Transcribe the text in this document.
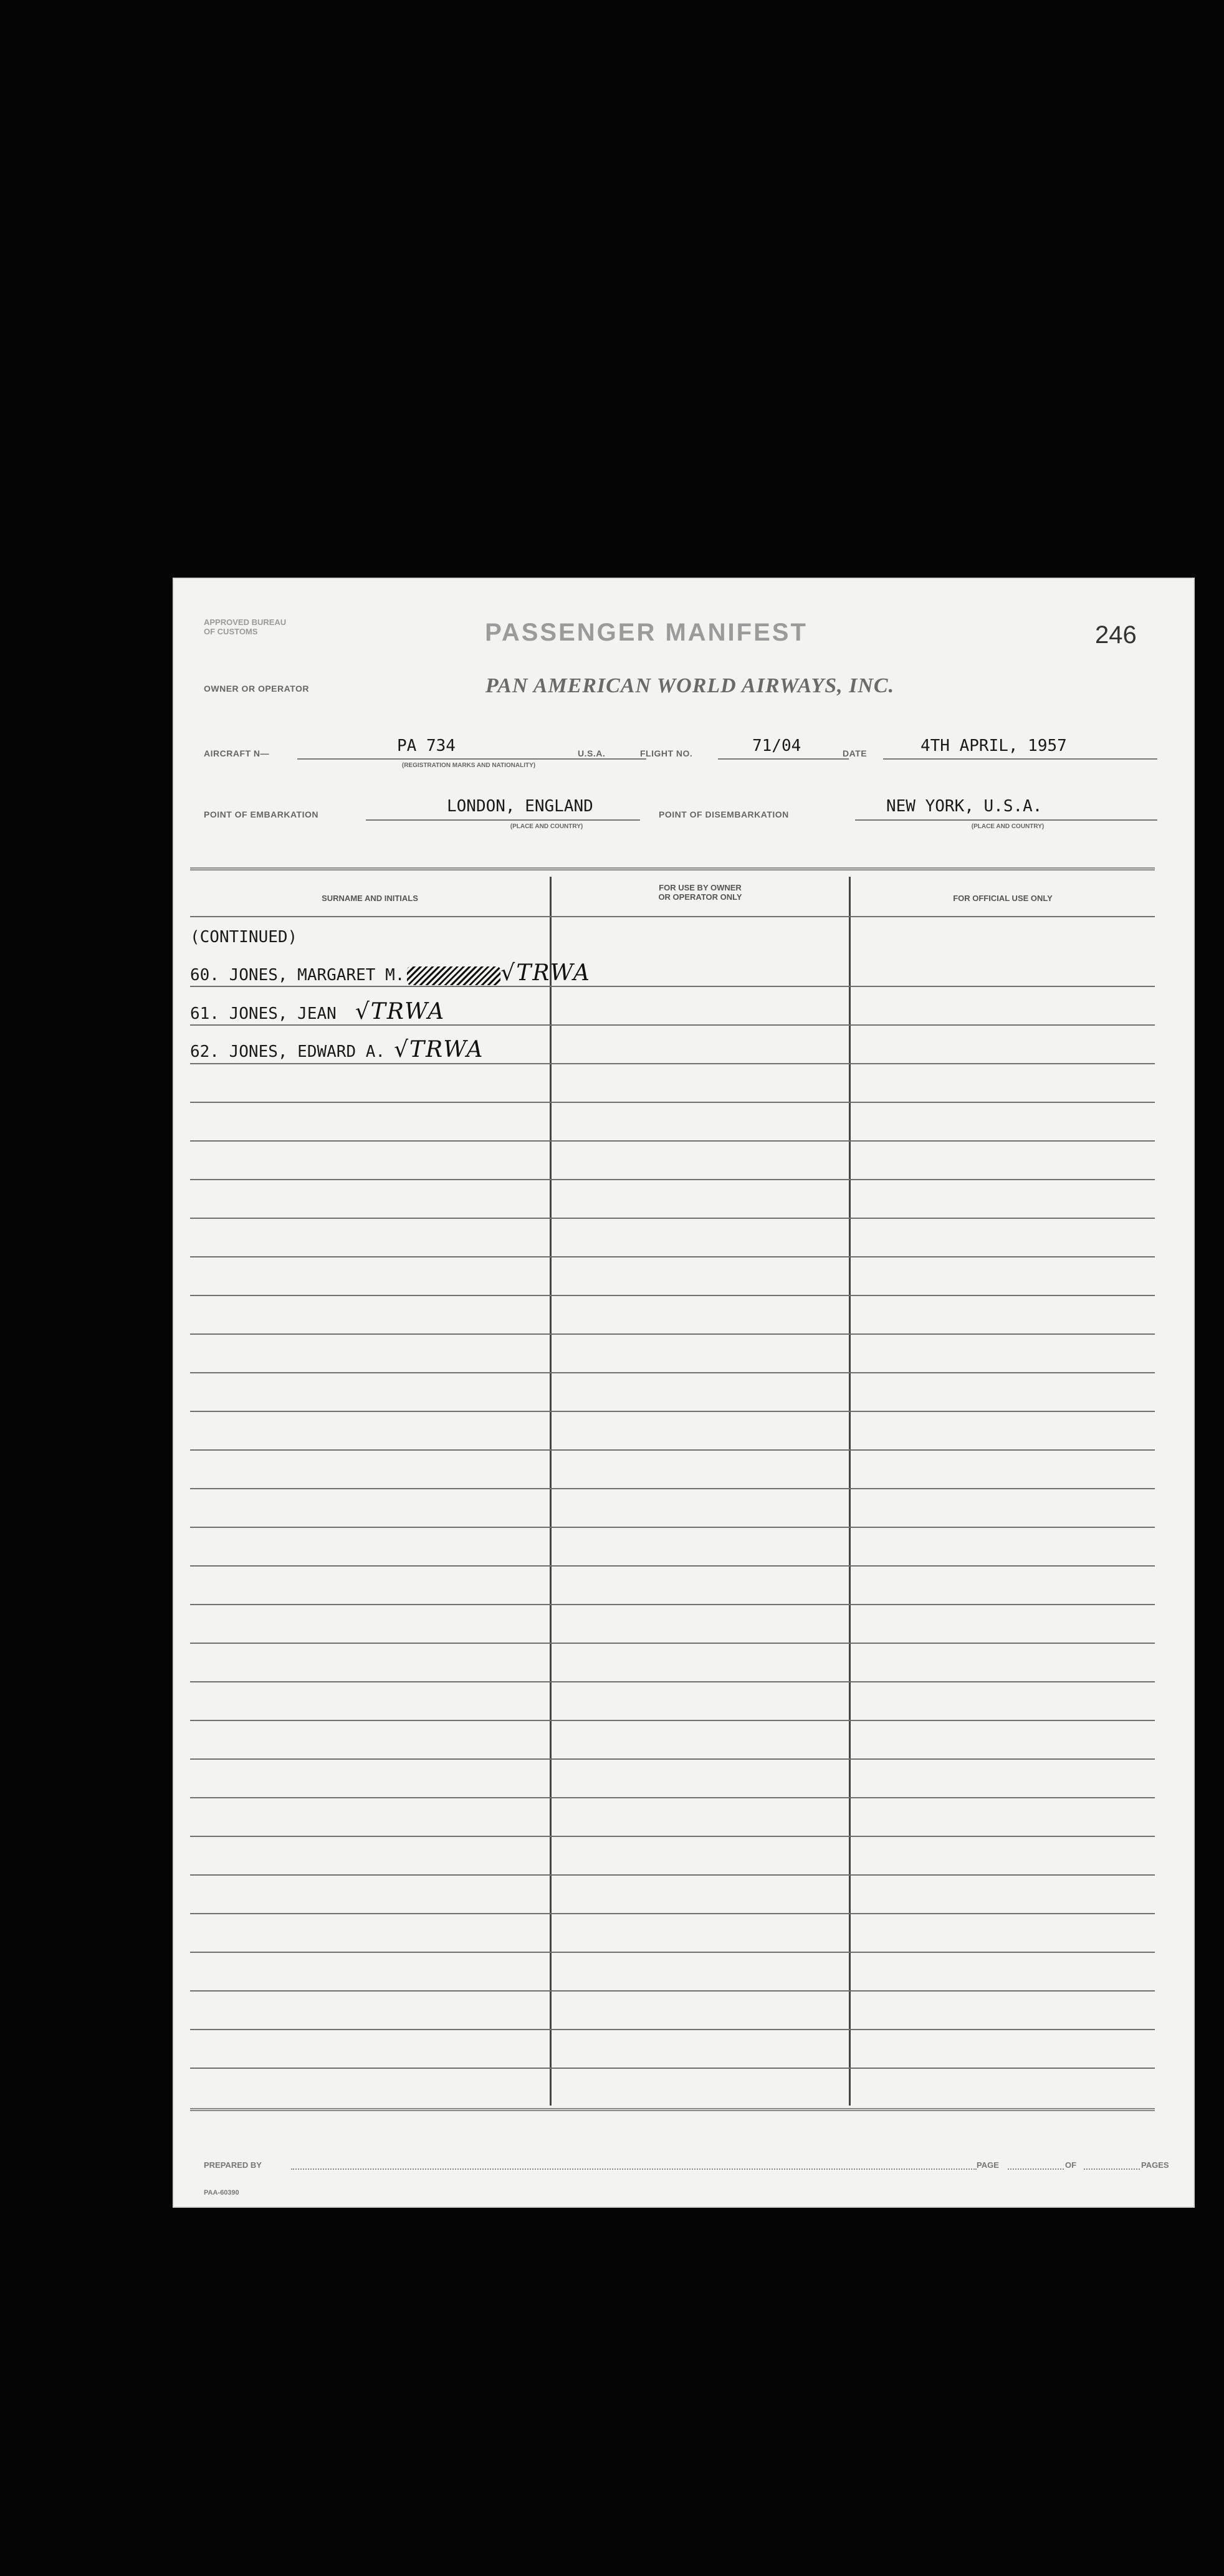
APPROVED BUREAU OF CUSTOMS	PASSENGER MANIFEST	246
OWNER OR OPERATOR	PAN AMERICAN WORLD AIRWAYS, INC.
AIRCRAFT N—	PA 734
(REGISTRATION MARKS AND NATIONALITY)
U.S.A.	FLIGHT NO.	71/04	DATE	4TH APRIL, 1957
POINT OF EMBARKATION	LONDON, ENGLAND
(PLACE AND COUNTRY)
POINT OF DISEMBARKATION	NEW YORK, U.S.A.
(PLACE AND COUNTRY)
SURNAME AND INITIALS
FOR USE BY OWNER
OR OPERATOR ONLY	FOR OFFICIAL USE ONLY
(CONTINUED)
60. JONES, MARGARET M.	√TRWA
61. JONES, JEAN √TRWA
62. JONES, EDWARD A. √TRWA
PREPARED BY	PAGE	OF	PAGES
PAA-60390
